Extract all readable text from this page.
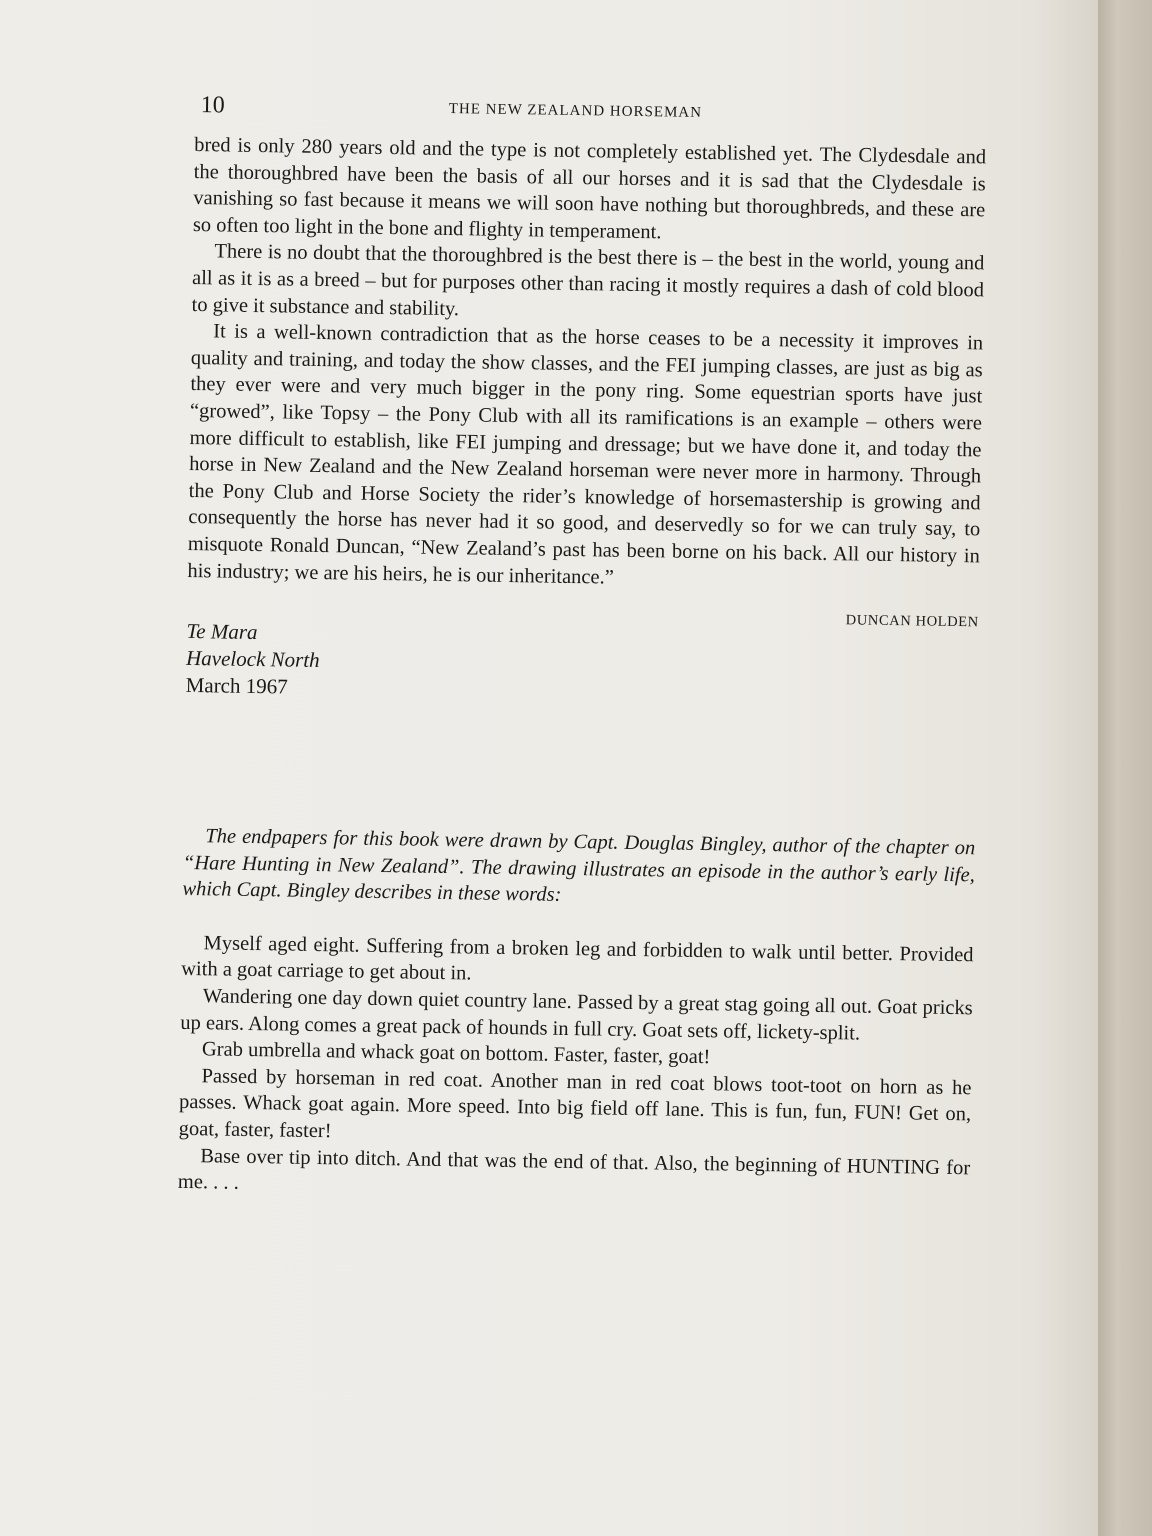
10	THE NEW ZEALAND HORSEMAN

bred is only 280 years old and the type is not completely established yet. The Clydesdale and the thoroughbred have been the basis of all our horses and it is sad that the Clydesdale is vanishing so fast because it means we will soon have nothing but thoroughbreds, and these are so often too light in the bone and flighty in temperament.

There is no doubt that the thoroughbred is the best there is – the best in the world, young and all as it is as a breed – but for purposes other than racing it mostly requires a dash of cold blood to give it substance and stability.

It is a well-known contradiction that as the horse ceases to be a necessity it improves in quality and training, and today the show classes, and the FEI jumping classes, are just as big as they ever were and very much bigger in the pony ring. Some equestrian sports have just “growed”, like Topsy – the Pony Club with all its ramifications is an example – others were more difficult to establish, like FEI jumping and dressage; but we have done it, and today the horse in New Zealand and the New Zealand horseman were never more in harmony. Through the Pony Club and Horse Society the rider’s knowledge of horsemastership is growing and consequently the horse has never had it so good, and deservedly so for we can truly say, to misquote Ronald Duncan, “New Zealand’s past has been borne on his back. All our history in his industry; we are his heirs, he is our inheritance.”

DUNCAN HOLDEN
Te Mara
Havelock North
March 1967

The endpapers for this book were drawn by Capt. Douglas Bingley, author of the chapter on “Hare Hunting in New Zealand”. The drawing illustrates an episode in the author’s early life, which Capt. Bingley describes in these words:

Myself aged eight. Suffering from a broken leg and forbidden to walk until better. Provided with a goat carriage to get about in.

Wandering one day down quiet country lane. Passed by a great stag going all out. Goat pricks up ears. Along comes a great pack of hounds in full cry. Goat sets off, lickety-split.

Grab umbrella and whack goat on bottom. Faster, faster, goat!

Passed by horseman in red coat. Another man in red coat blows toot-toot on horn as he passes. Whack goat again. More speed. Into big field off lane. This is fun, fun, FUN! Get on, goat, faster, faster!

Base over tip into ditch. And that was the end of that. Also, the beginning of HUNTING for me. . . .
